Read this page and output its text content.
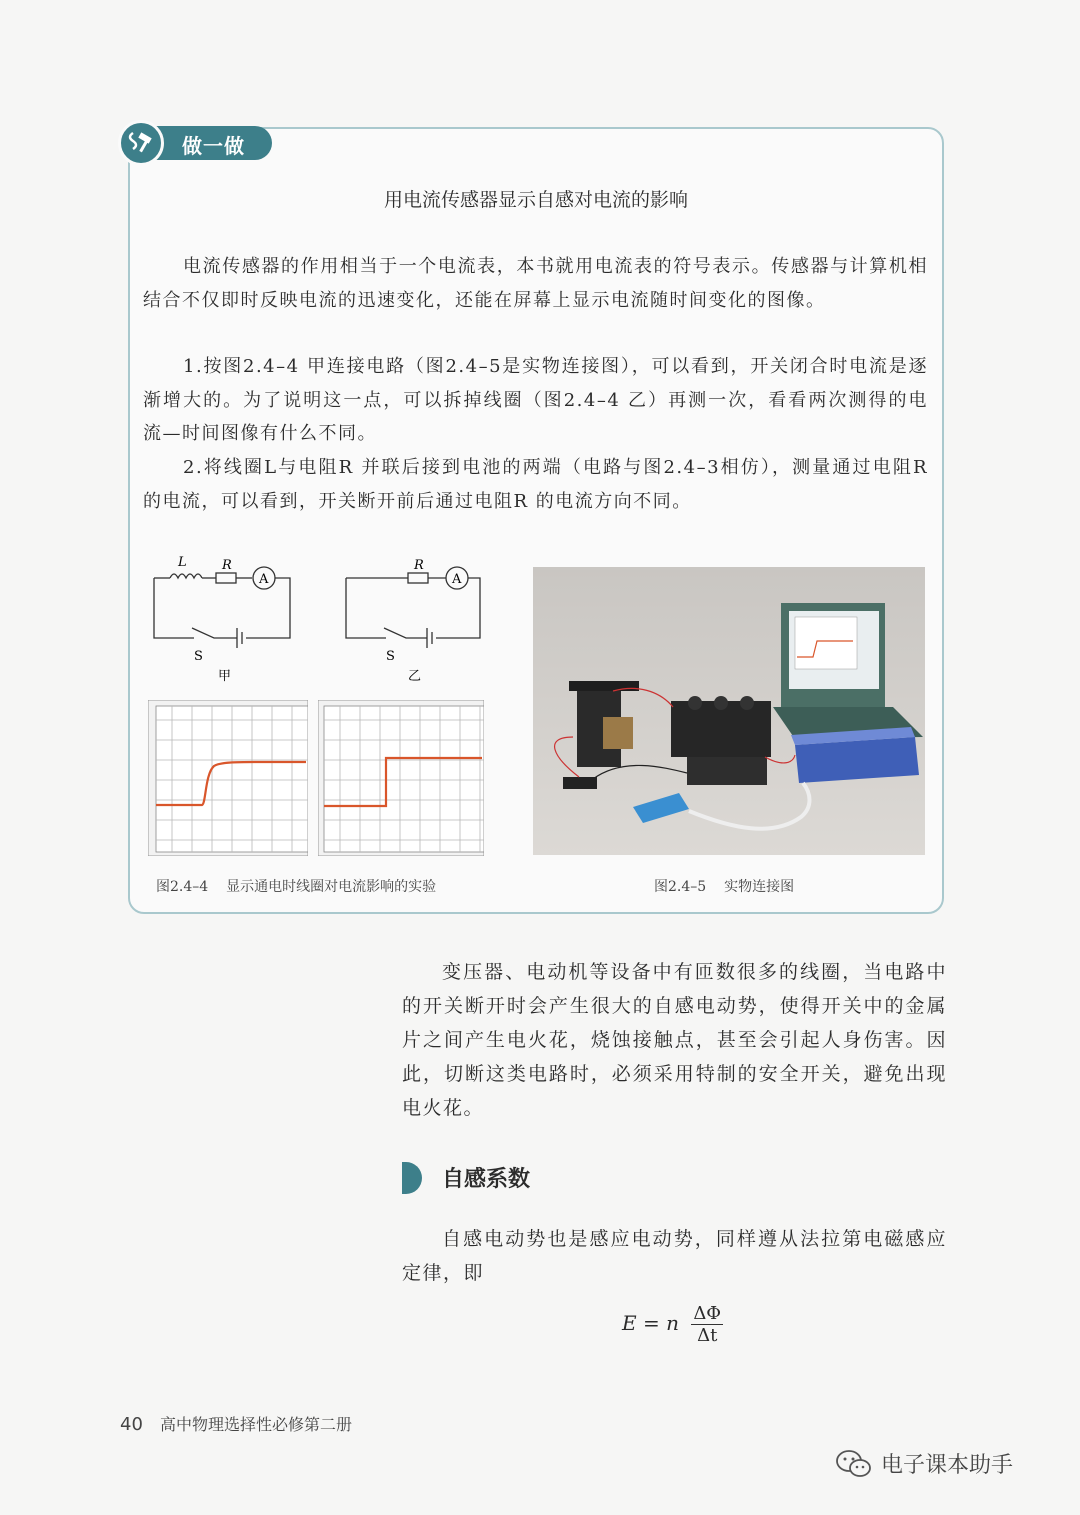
做一做
用电流传感器显示自感对电流的影响
电流传感器的作用相当于一个电流表，本书就用电流表的符号表示。传感器与计算机相结合不仅即时反映电流的迅速变化，还能在屏幕上显示电流随时间变化的图像。
1.按图2.4–4 甲连接电路（图2.4–5是实物连接图），可以看到，开关闭合时电流是逐渐增大的。为了说明这一点，可以拆掉线圈（图2.4–4 乙）再测一次，看看两次测得的电流—时间图像有什么不同。
2.将线圈L与电阻R 并联后接到电池的两端（电路与图2.4–3相仿），测量通过电阻R 的电流，可以看到，开关断开前后通过电阻R 的电流方向不同。
L	R
A
S
甲
R
A
S
乙
图2.4–4 显示通电时线圈对电流影响的实验	图2.4–5 实物连接图
变压器、电动机等设备中有匝数很多的线圈，当电路中的开关断开时会产生很大的自感电动势，使得开关中的金属片之间产生电火花，烧蚀接触点，甚至会引起人身伤害。因此，切断这类电路时，必须采用特制的安全开关，避免出现电火花。
自感系数
自感电动势也是感应电动势，同样遵从法拉第电磁感应定律，即
E = n $\frac{\Delta\Phi}{\Delta t}$
40 高中物理选择性必修第二册
电子课本助手
